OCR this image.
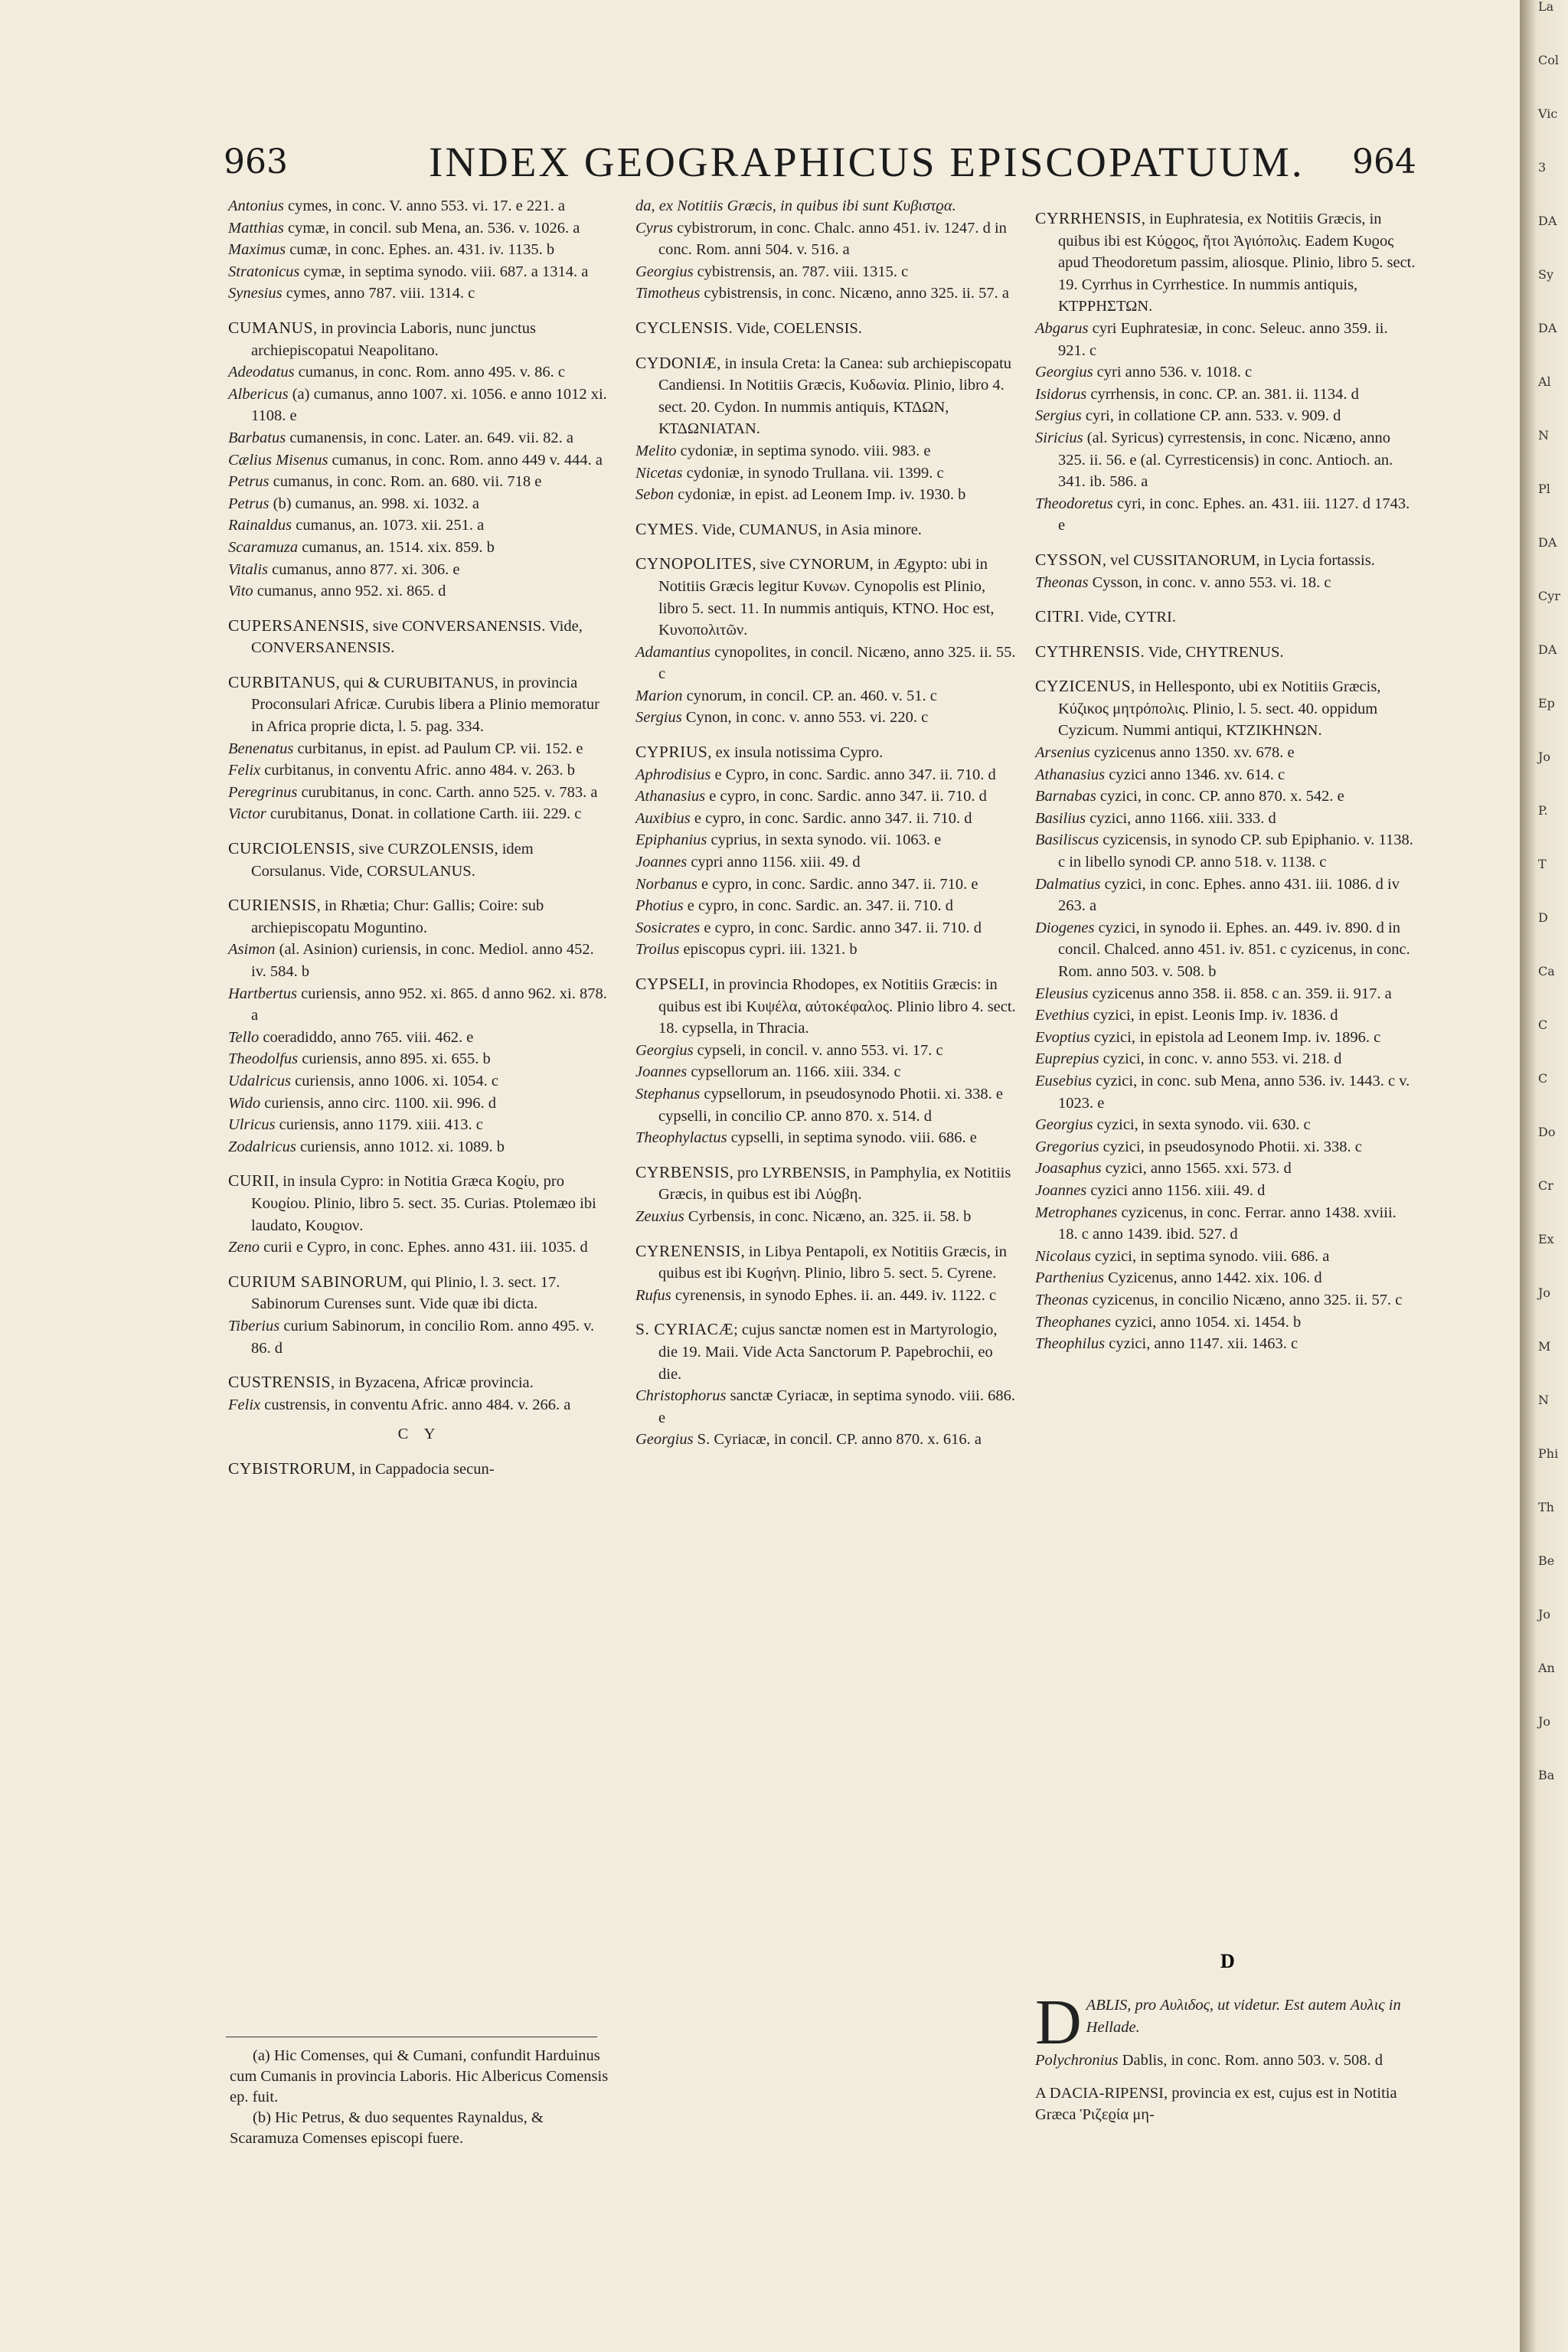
963	INDEX GEOGRAPHICUS EPISCOPATUUM. 964

Antonius cymes, in conc. V. anno 553. vi. 17. e 221. a

Matthias cymæ, in concil. sub Mena, an. 536. v. 1026. a

Maximus cumæ, in conc. Ephes. an. 431. iv. 1135. b

Stratonicus cymæ, in septima synodo. viii. 687. a 1314. a

Synesius cymes, anno 787. viii. 1314. c

CUMANUS, in provincia Laboris, nunc junctus archiepiscopatui Neapolitano.

Adeodatus cumanus, in conc. Rom. anno 495. v. 86. c

Albericus (a) cumanus, anno 1007. xi. 1056. e anno 1012 xi. 1108. e

Barbatus cumanensis, in conc. Later. an. 649. vii. 82. a

Cælius Misenus cumanus, in conc. Rom. anno 449 v. 444. a

Petrus cumanus, in conc. Rom. an. 680. vii. 718 e

Petrus (b) cumanus, an. 998. xi. 1032. a

Rainaldus cumanus, an. 1073. xii. 251. a

Scaramuza cumanus, an. 1514. xix. 859. b

Vitalis cumanus, anno 877. xi. 306. e

Vito cumanus, anno 952. xi. 865. d

CUPERSANENSIS, sive CONVERSANENSIS. Vide, CONVERSANENSIS.

CURBITANUS, qui & CURUBITANUS, in provincia Proconsulari Africæ. Curubis libera a Plinio memoratur in Africa proprie dicta, l. 5. pag. 334.

Benenatus curbitanus, in epist. ad Paulum CP. vii. 152. e

Felix curbitanus, in conventu Afric. anno 484. v. 263. b

Peregrinus curubitanus, in conc. Carth. anno 525. v. 783. a

Victor curubitanus, Donat. in collatione Carth. iii. 229. c

CURCIOLENSIS, sive CURZOLENSIS, idem Corsulanus. Vide, CORSULANUS.

CURIENSIS, in Rhætia; Chur: Gallis; Coire: sub archiepiscopatu Moguntino.

Asimon (al. Asinion) curiensis, in conc. Mediol. anno 452. iv. 584. b

Hartbertus curiensis, anno 952. xi. 865. d anno 962. xi. 878. a

Tello coeradiddo, anno 765. viii. 462. e

Theodolfus curiensis, anno 895. xi. 655. b

Udalricus curiensis, anno 1006. xi. 1054. c

Wido curiensis, anno circ. 1100. xii. 996. d

Ulricus curiensis, anno 1179. xiii. 413. c

Zodalricus curiensis, anno 1012. xi. 1089. b

CURII, in insula Cypro: in Notitia Græca Κοϱίυ, pro Κουϱίου. Plinio, libro 5. sect. 35. Curias. Ptolemæo ibi laudato, Κουϱιον.

Zeno curii e Cypro, in conc. Ephes. anno 431. iii. 1035. d

CURIUM SABINORUM, qui Plinio, l. 3. sect. 17. Sabinorum Curenses sunt. Vide quæ ibi dicta.

Tiberius curium Sabinorum, in concilio Rom. anno 495. v. 86. d

CUSTRENSIS, in Byzacena, Africæ provincia.

Felix custrensis, in conventu Afric. anno 484. v. 266. a

C Y

CYBISTRORUM, in Cappadocia secun-

da, ex Notitiis Græcis, in quibus ibi sunt Κυβιστϱα.

Cyrus cybistrorum, in conc. Chalc. anno 451. iv. 1247. d in conc. Rom. anni 504. v. 516. a

Georgius cybistrensis, an. 787. viii. 1315. c

Timotheus cybistrensis, in conc. Nicæno, anno 325. ii. 57. a

CYCLENSIS. Vide, COELENSIS.

CYDONIÆ, in insula Creta: la Canea: sub archiepiscopatu Candiensi. In Notitiis Græcis, Κυδωνία. Plinio, libro 4. sect. 20. Cydon. In nummis antiquis, ΚΤΔΩΝ, ΚΤΔΩΝΙΑΤΑΝ.

Melito cydoniæ, in septima synodo. viii. 983. e

Nicetas cydoniæ, in synodo Trullana. vii. 1399. c

Sebon cydoniæ, in epist. ad Leonem Imp. iv. 1930. b

CYMES. Vide, CUMANUS, in Asia minore.

CYNOPOLITES, sive CYNORUM, in Ægypto: ubi in Notitiis Græcis legitur Κυνων. Cynopolis est Plinio, libro 5. sect. 11. In nummis antiquis, ΚΤΝΟ. Hoc est, Κυνοπολιτῶν.

Adamantius cynopolites, in concil. Nicæno, anno 325. ii. 55. c

Marion cynorum, in concil. CP. an. 460. v. 51. c

Sergius Cynon, in conc. v. anno 553. vi. 220. c

CYPRIUS, ex insula notissima Cypro.

Aphrodisius e Cypro, in conc. Sardic. anno 347. ii. 710. d

Athanasius e cypro, in conc. Sardic. anno 347. ii. 710. d

Auxibius e cypro, in conc. Sardic. anno 347. ii. 710. d

Epiphanius cyprius, in sexta synodo. vii. 1063. e

Joannes cypri anno 1156. xiii. 49. d

Norbanus e cypro, in conc. Sardic. anno 347. ii. 710. e

Photius e cypro, in conc. Sardic. an. 347. ii. 710. d

Sosicrates e cypro, in conc. Sardic. anno 347. ii. 710. d

Troilus episcopus cypri. iii. 1321. b

CYPSELI, in provincia Rhodopes, ex Notitiis Græcis: in quibus est ibi Κυψέλα, αὐτοκέφαλος. Plinio libro 4. sect. 18. cypsella, in Thracia.

Georgius cypseli, in concil. v. anno 553. vi. 17. c

Joannes cypsellorum an. 1166. xiii. 334. c

Stephanus cypsellorum, in pseudosynodo Photii. xi. 338. e cypselli, in concilio CP. anno 870. x. 514. d

Theophylactus cypselli, in septima synodo. viii. 686. e

CYRBENSIS, pro LYRBENSIS, in Pamphylia, ex Notitiis Græcis, in quibus est ibi Λύϱβη.

Zeuxius Cyrbensis, in conc. Nicæno, an. 325. ii. 58. b

CYRENENSIS, in Libya Pentapoli, ex Notitiis Græcis, in quibus est ibi Κυϱήνη. Plinio, libro 5. sect. 5. Cyrene.

Rufus cyrenensis, in synodo Ephes. ii. an. 449. iv. 1122. c

S. CYRIACÆ; cujus sanctæ nomen est in Martyrologio, die 19. Maii. Vide Acta Sanctorum P. Papebrochii, eo die.

Christophorus sanctæ Cyriacæ, in septima synodo. viii. 686. e

Georgius S. Cyriacæ, in concil. CP. anno 870. x. 616. a

CYRRHENSIS, in Euphratesia, ex Notitiis Græcis, in quibus ibi est Κύϱϱος, ἤτοι Ἁγιόπολις. Eadem Κυϱος apud Theodoretum passim, aliosque. Plinio, libro 5. sect. 19. Cyrrhus in Cyrrhestice. In nummis antiquis, ΚΤΡΡΗΣΤΩΝ.

Abgarus cyri Euphratesiæ, in conc. Seleuc. anno 359. ii. 921. c

Georgius cyri anno 536. v. 1018. c

Isidorus cyrrhensis, in conc. CP. an. 381. ii. 1134. d

Sergius cyri, in collatione CP. ann. 533. v. 909. d

Siricius (al. Syricus) cyrrestensis, in conc. Nicæno, anno 325. ii. 56. e (al. Cyrresticensis) in conc. Antioch. an. 341. ib. 586. a

Theodoretus cyri, in conc. Ephes. an. 431. iii. 1127. d 1743. e

CYSSON, vel CUSSITANORUM, in Lycia fortassis.

Theonas Cysson, in conc. v. anno 553. vi. 18. c

CITRI. Vide, CYTRI.

CYTHRENSIS. Vide, CHYTRENUS.

CYZICENUS, in Hellesponto, ubi ex Notitiis Græcis, Κύζικος μητρόπολις. Plinio, l. 5. sect. 40. oppidum Cyzicum. Nummi antiqui, ΚΤΖΙΚΗΝΩΝ.

Arsenius cyzicenus anno 1350. xv. 678. e

Athanasius cyzici anno 1346. xv. 614. c

Barnabas cyzici, in conc. CP. anno 870. x. 542. e

Basilius cyzici, anno 1166. xiii. 333. d

Basiliscus cyzicensis, in synodo CP. sub Epiphanio. v. 1138. c in libello synodi CP. anno 518. v. 1138. c

Dalmatius cyzici, in conc. Ephes. anno 431. iii. 1086. d iv 263. a

Diogenes cyzici, in synodo ii. Ephes. an. 449. iv. 890. d in concil. Chalced. anno 451. iv. 851. c cyzicenus, in conc. Rom. anno 503. v. 508. b

Eleusius cyzicenus anno 358. ii. 858. c an. 359. ii. 917. a

Evethius cyzici, in epist. Leonis Imp. iv. 1836. d

Evoptius cyzici, in epistola ad Leonem Imp. iv. 1896. c

Euprepius cyzici, in conc. v. anno 553. vi. 218. d

Eusebius cyzici, in conc. sub Mena, anno 536. iv. 1443. c v. 1023. e

Georgius cyzici, in sexta synodo. vii. 630. c

Gregorius cyzici, in pseudosynodo Photii. xi. 338. c

Joasaphus cyzici, anno 1565. xxi. 573. d

Joannes cyzici anno 1156. xiii. 49. d

Metrophanes cyzicenus, in conc. Ferrar. anno 1438. xviii. 18. c anno 1439. ibid. 527. d

Nicolaus cyzici, in septima synodo. viii. 686. a

Parthenius Cyzicenus, anno 1442. xix. 106. d

Theonas cyzicenus, in concilio Nicæno, anno 325. ii. 57. c

Theophanes cyzici, anno 1054. xi. 1454. b

Theophilus cyzici, anno 1147. xii. 1463. c

(a) Hic Comenses, qui & Cumani, confundit Harduinus cum Cumanis in provincia Laboris. Hic Albericus Comensis ep. fuit.

(b) Hic Petrus, & duo sequentes Raynaldus, & Scaramuza Comenses episcopi fuere.

D
D ABLIS, pro Αυλιδος, ut videtur. Est autem Αυλις in Hellade.

Polychronius Dablis, in conc. Rom. anno 503. v. 508. d

A DACIA-RIPENSI, provincia ex est, cujus est in Notitia Græca Ῥιζεϱία μη-

La
Col
Vic
3
DA
Sy
DA
Al
N
Pl
DA
Cyr
DA
Ep
Jo
P.
T
D
Ca
C
C
Do
Cr
Ex
Jo
M
N
Phi
Th
Be
Jo
An
Jo
Ba
